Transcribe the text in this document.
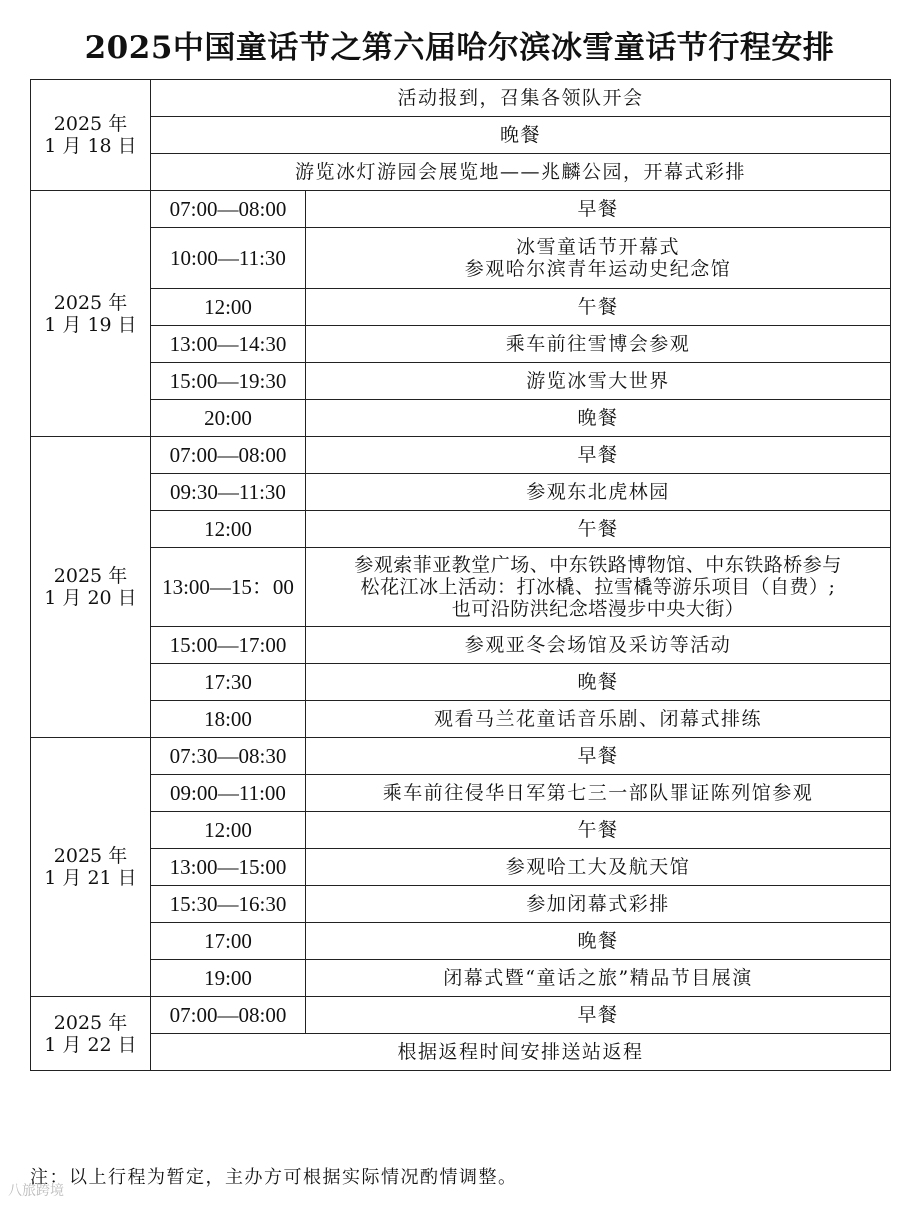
2025中国童话节之第六届哈尔滨冰雪童话节行程安排
2025 年
1 月 18 日	活动报到，召集各领队开会	
	晚餐	
	游览冰灯游园会展览地——兆麟公园，开幕式彩排	

2025 年
1 月 19 日	07:00—08:00	早餐
	10:00—11:30	冰雪童话节开幕式
参观哈尔滨青年运动史纪念馆

	12:00	午餐
	13:00—14:30	乘车前往雪博会参观
	15:00—19:30	游览冰雪大世界
	20:00	晚餐

2025 年
1 月 20 日	07:00—08:00	早餐
	09:30—11:30	参观东北虎林园
	12:00	午餐
	13:00—15：00	参观索菲亚教堂广场、中东铁路博物馆、中东铁路桥参与
松花江冰上活动：打冰橇、拉雪橇等游乐项目（自费）;
也可沿防洪纪念塔漫步中央大街）

	15:00—17:00	参观亚冬会场馆及采访等活动
	17:30	晚餐
	18:00	观看马兰花童话音乐剧、闭幕式排练

2025 年
1 月 21 日	07:30—08:30	早餐
	09:00—11:00	乘车前往侵华日军第七三一部队罪证陈列馆参观
	12:00	午餐
	13:00—15:00	参观哈工大及航天馆
	15:30—16:30	参加闭幕式彩排
	17:00	晚餐
	19:00	闭幕式暨“童话之旅”精品节目展演

2025 年
1 月 22 日	07:00—08:00	早餐
	根据返程时间安排送站返程	
注：以上行程为暂定，主办方可根据实际情况酌情调整。
八旅跨境
